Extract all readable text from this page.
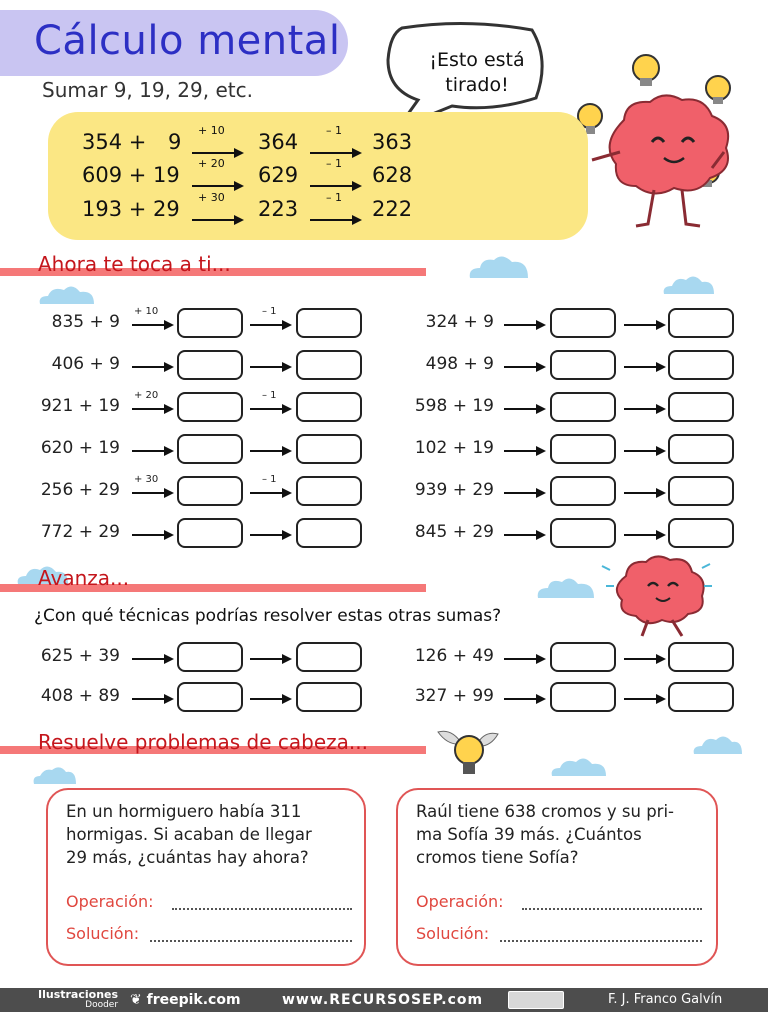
Cálculo mental
Sumar 9, 19, 29, etc.
¡Esto está
tirado!
354 + 9 + 10 364	– 1 363
609 + 19 + 20 629	– 1 628
193 + 29 + 30 223	– 1 222
Ahora te toca a ti...
835 + 9
+ 10	– 1
406 + 9
921 + 19
+ 20	– 1
620 + 19
256 + 29
+ 30	– 1
772 + 29
324 + 9
498 + 9
598 + 19
102 + 19
939 + 29
845 + 29
Avanza...
¿Con qué técnicas podrías resolver estas otras sumas?
625 + 39
408 + 89
126 + 49
327 + 99
Resuelve problemas de cabeza...
En un hormiguero había 311
hormigas. Si acaban de llegar
29 más, ¿cuántas hay ahora?
Operación:
Solución:
Raúl tiene 638 cromos y su pri-
ma Sofía 39 más. ¿Cuántos
cromos tiene Sofía?
Operación:
Solución:
Ilustraciones
Dooder ❦ freepik.com	www.RECURSOSEP.com	F. J. Franco Galvín
